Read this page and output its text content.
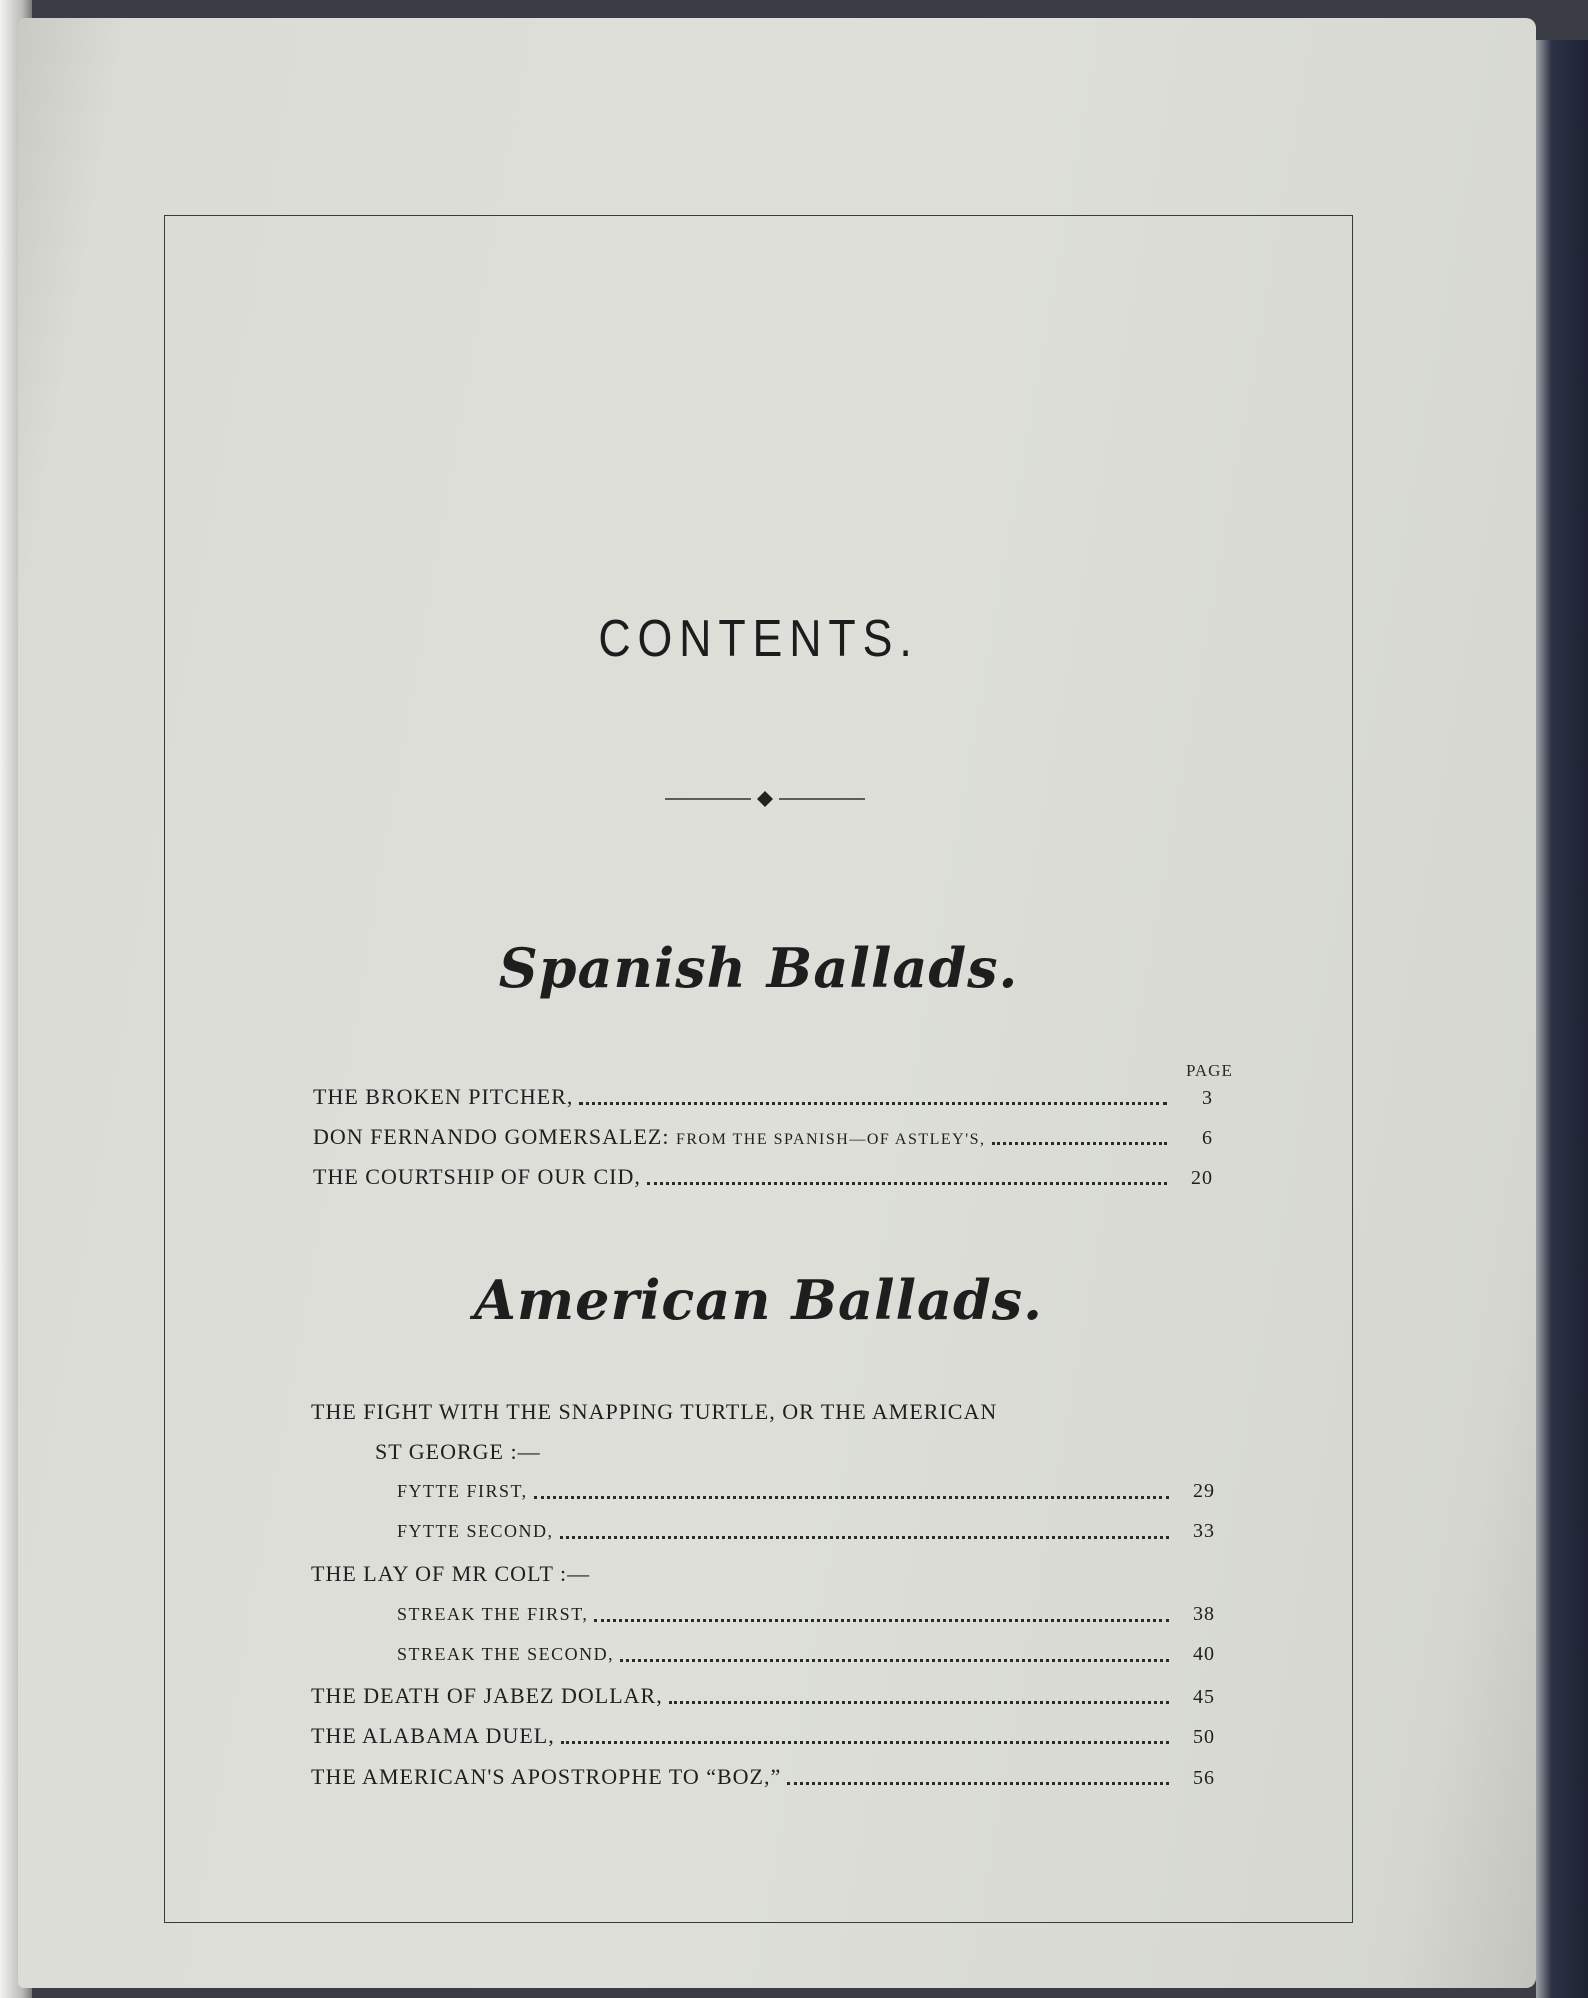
CONTENTS.
Spanish Ballads.
PAGE
THE BROKEN PITCHER,	3
DON FERNANDO GOMERSALEZ: FROM THE SPANISH—OF ASTLEY'S,	6
THE COURTSHIP OF OUR CID,	20
American Ballads.
THE FIGHT WITH THE SNAPPING TURTLE, OR THE AMERICAN
ST GEORGE :—
FYTTE FIRST,	29
FYTTE SECOND,	33
THE LAY OF MR COLT :—
STREAK THE FIRST,	38
STREAK THE SECOND,	40
THE DEATH OF JABEZ DOLLAR,	45
THE ALABAMA DUEL,	50
THE AMERICAN'S APOSTROPHE TO “BOZ,”	56
